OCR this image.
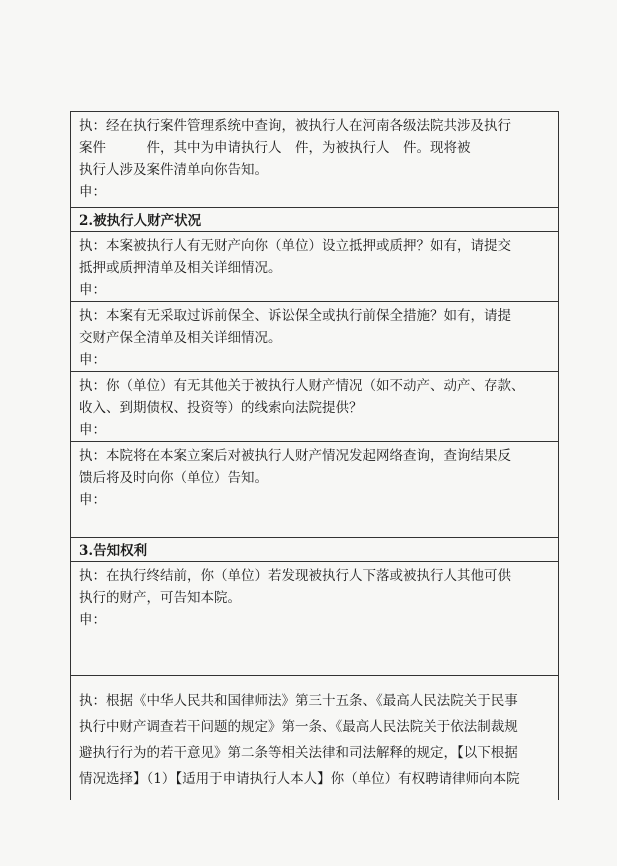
执：经在执行案件管理系统中查询，被执行人在河南各级法院共涉及执行
案件　　　件，其中为申请执行人　件，为被执行人　件。现将被
执行人涉及案件清单向你告知。
申：
2.被执行人财产状况
执：本案被执行人有无财产向你（单位）设立抵押或质押？如有，请提交
抵押或质押清单及相关详细情况。
申：
执：本案有无采取过诉前保全、诉讼保全或执行前保全措施？如有，请提
交财产保全清单及相关详细情况。
申：
执：你（单位）有无其他关于被执行人财产情况（如不动产、动产、存款、
收入、到期债权、投资等）的线索向法院提供？
申：
执：本院将在本案立案后对被执行人财产情况发起网络查询，查询结果反
馈后将及时向你（单位）告知。
申：
3.告知权利
执：在执行终结前，你（单位）若发现被执行人下落或被执行人其他可供
执行的财产，可告知本院。
申：
执：根据《中华人民共和国律师法》第三十五条、《最高人民法院关于民事
执行中财产调查若干问题的规定》第一条、《最高人民法院关于依法制裁规
避执行行为的若干意见》第二条等相关法律和司法解释的规定，【以下根据
情况选择】（1）【适用于申请执行人本人】你（单位）有权聘请律师向本院
